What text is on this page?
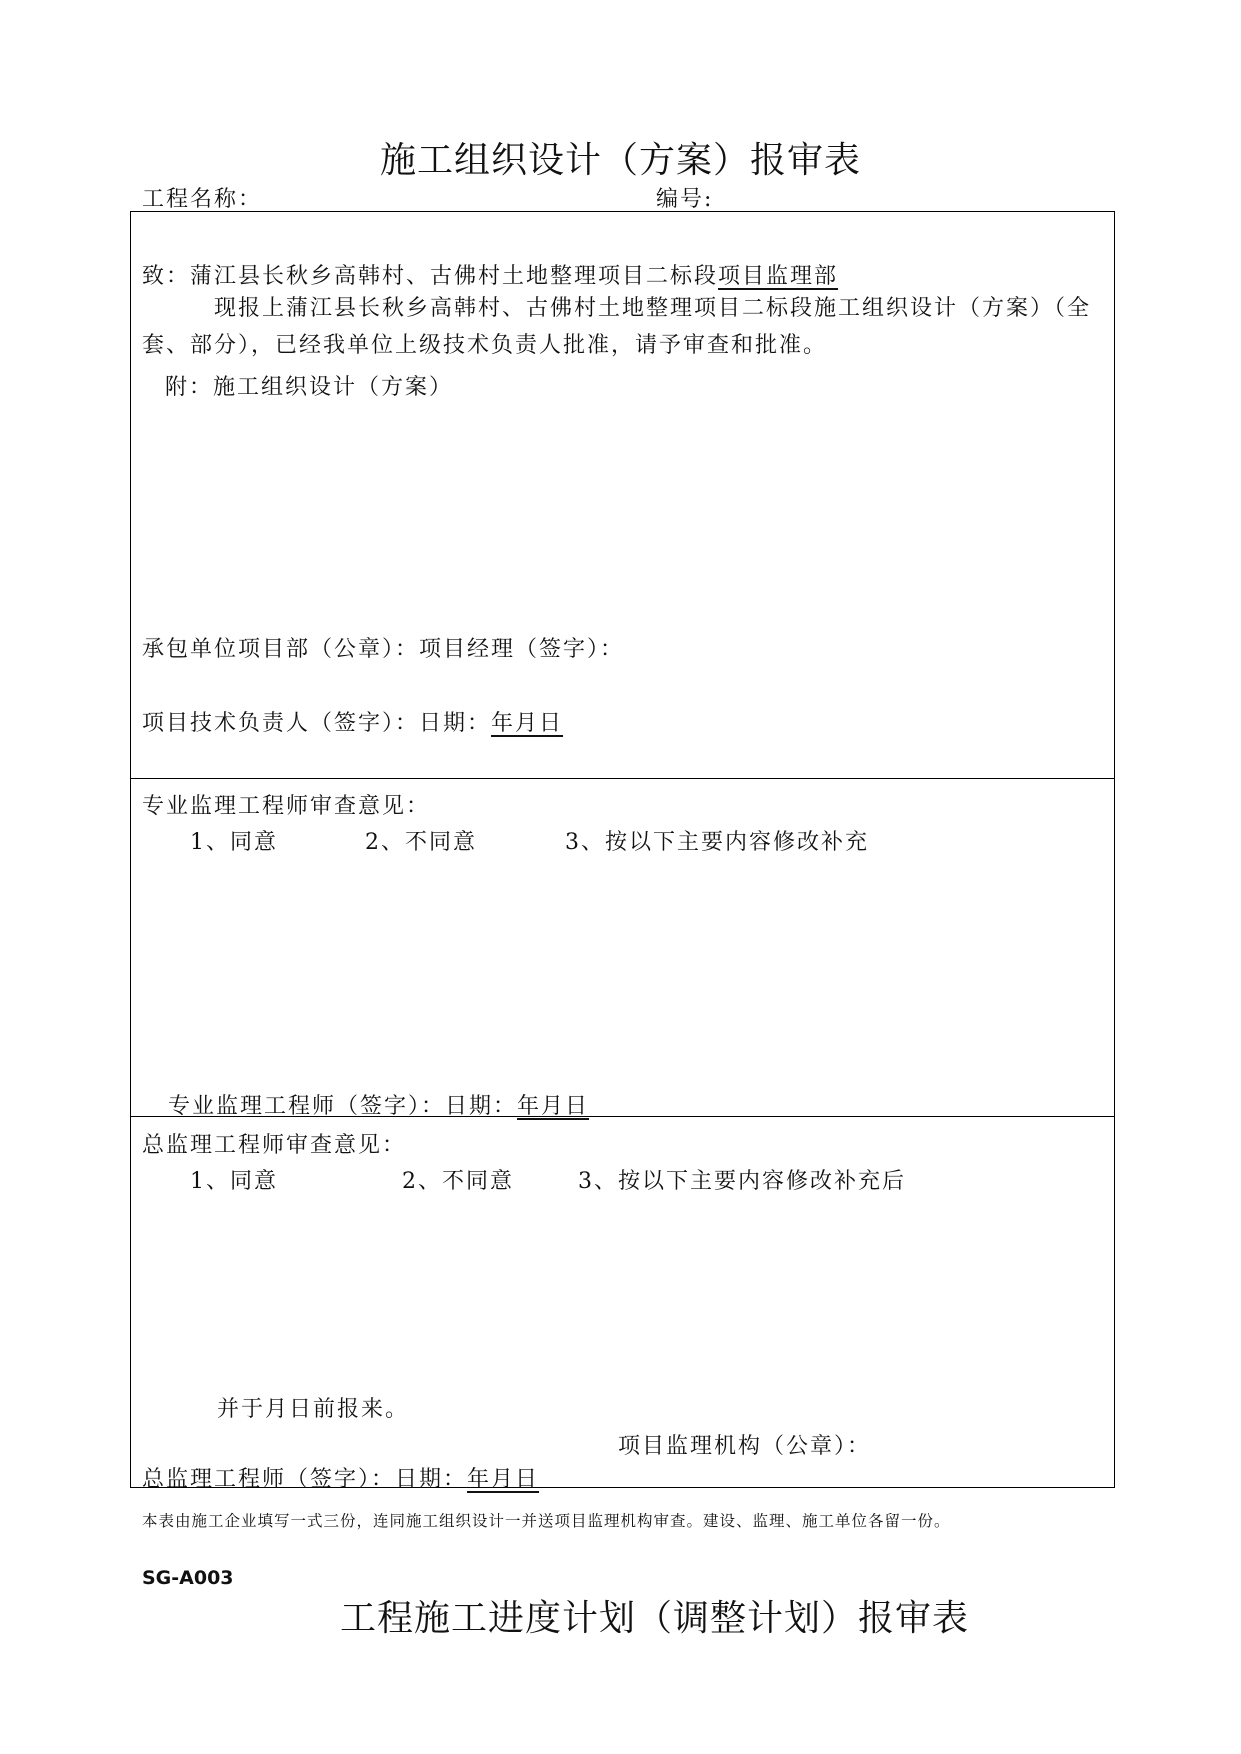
施工组织设计（方案）报审表
工程名称：	编号:
致：蒲江县长秋乡高韩村、古佛村土地整理项目二标段项目监理部
现报上蒲江县长秋乡高韩村、古佛村土地整理项目二标段施工组织设计（方案）（全套、部分），已经我单位上级技术负责人批准，请予审查和批准。
附：施工组织设计（方案）
承包单位项目部（公章）：项目经理（签字）：
项目技术负责人（签字）：日期：年月日
专业监理工程师审查意见：
1、同意	2、不同意	3、按以下主要内容修改补充
专业监理工程师（签字）：日期：年月日
总监理工程师审查意见：
1、同意	2、不同意	3、按以下主要内容修改补充后
并于月日前报来。
项目监理机构（公章）：
总监理工程师（签字）：日期：年月日
本表由施工企业填写一式三份，连同施工组织设计一并送项目监理机构审查。建设、监理、施工单位各留一份。
SG-A003
工程施工进度计划（调整计划）报审表
